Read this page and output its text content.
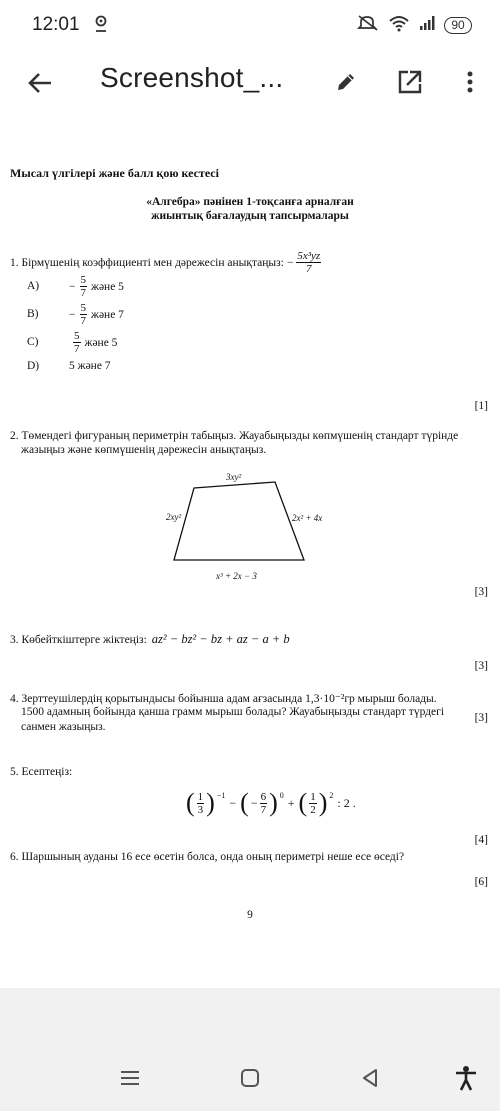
12:01	90
Screenshot_...
Мысал үлгілері және балл қою кестесі
«Алгебра» пәнінен 1-тоқсанға арналған
жиынтық бағалаудың тапсырмалары
1. Бірмүшенің коэффициенті мен дәрежесін анықтаңыз: − $\frac{\text{5x³yz}}{7}$
A)	− $\frac{5}{7}$ және 5
B)	− $\frac{5}{7}$ және 7
C)	$\frac{5}{7}$ және 5
D)	5 және 7
[1]
2. Төмендегі фигураның периметрін табыңыз. Жауабыңызды көпмүшенің стандарт түрінде
жазыңыз және көпмүшенің дәрежесін анықтаңыз.
3xy²
2xy²	2x² + 4x
x³ + 2x − 3
[3]
3. Көбейткіштерге жіктеңіз: az² − bz² − bz + az − a + b
[3]
4. Зерттеушілердің қорытындысы бойынша адам ағзасында 1,3·10⁻²гр мырыш болады.
1500 адамның бойында қанша грамм мырыш болады? Жауабыңызды стандарт түрдегі
санмен жазыңыз.
[3]
5. Есептеңіз:
( $\frac{1}{3}$ ) $^{-1}$
− ( − $\frac{6}{7}$ ) $^0$
+ ( $\frac{1}{2}$ ) $^2$
: 2 .
[4]
6. Шаршының ауданы 16 есе өсетін болса, онда оның периметрі неше есе өседі?
[6]
9
